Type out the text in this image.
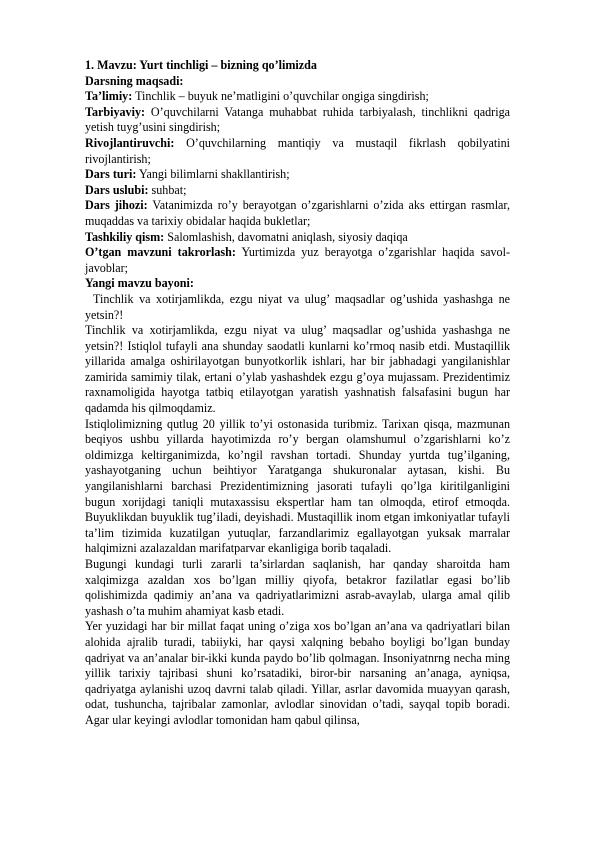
1. Mavzu: Yurt tinchligi – bizning qo’limizda

Darsning maqsadi:

Ta’limiy: Tinchlik – buyuk ne’matligini o’quvchilar ongiga singdirish;

Tarbiyaviy: O’quvchilarni Vatanga muhabbat ruhida tarbiyalash, tinchlikni qadriga yetish tuyg’usini singdirish;

Rivojlantiruvchi: O’quvchilarning mantiqiy va mustaqil fikrlash qobilyatini rivojlantirish;

Dars turi: Yangi bilimlarni shakllantirish;

Dars uslubi: suhbat;

Dars jihozi: Vatanimizda ro’y berayotgan o’zgarishlarni o’zida aks ettirgan rasmlar, muqaddas va tarixiy obidalar haqida bukletlar;

Tashkiliy qism: Salomlashish, davomatni aniqlash, siyosiy daqiqa

O’tgan mavzuni takrorlash: Yurtimizda yuz berayotga o’zgarishlar haqida savol-javoblar;

Yangi mavzu bayoni:

Tinchlik va xotirjamlikda, ezgu niyat va ulug’ maqsadlar og’ushida yashashga ne yetsin?!

Tinchlik va xotirjamlikda, ezgu niyat va ulug’ maqsadlar og’ushida yashashga ne yetsin?! Istiqlol tufayli ana shunday saodatli kunlarni ko’rmoq nasib etdi. Mustaqillik yillarida amalga oshirilayotgan bunyotkorlik ishlari, har bir jabhadagi yangilanishlar zamirida samimiy tilak, ertani o’ylab yashashdek ezgu g’oya mujassam. Prezidentimiz raxnamoligida hayotga tatbiq etilayotgan yaratish yashnatish falsafasini bugun har qadamda his qilmoqdamiz.

Istiqlolimizning qutlug 20 yillik to’yi ostonasida turibmiz. Tarixan qisqa, mazmunan beqiyos ushbu yillarda hayotimizda ro’y bergan olamshumul o’zgarishlarni ko’z oldimizga keltirganimizda, ko’ngil ravshan tortadi. Shunday yurtda tug’ilganing, yashayotganing uchun beihtiyor Yaratganga shukuronalar aytasan, kishi. Bu yangilanishlarni barchasi Prezidentimizning jasorati tufayli qo’lga kiritilganligini bugun xorijdagi taniqli mutaxassisu ekspertlar ham tan olmoqda, etirof etmoqda. Buyuklikdan buyuklik tug’iladi, deyishadi. Mustaqillik inom etgan imkoniyatlar tufayli ta’lim tizimida kuzatilgan yutuqlar, farzandlarimiz egallayotgan yuksak marralar halqimizni azalazaldan marifatparvar ekanligiga borib taqaladi.

Bugungi kundagi turli zararli ta’sirlardan saqlanish, har qanday sharoitda ham xalqimizga azaldan xos bo’lgan milliy qiyofa, betakror fazilatlar egasi bo’lib qolishimizda qadimiy an’ana va qadriyatlarimizni asrab-avaylab, ularga amal qilib yashash o’ta muhim ahamiyat kasb etadi.

Yer yuzidagi har bir millat faqat uning o’ziga xos bo’lgan an’ana va qadriyatlari bilan alohida ajralib turadi, tabiiyki, har qaysi xalqning bebaho boyligi bo’lgan bunday qadriyat va an’analar bir-ikki kunda paydo bo’lib qolmagan. Insoniyatnrng necha ming yillik tarixiy tajribasi shuni ko’rsatadiki, biror-bir narsaning an’anaga, ayniqsa, qadriyatga aylanishi uzoq davrni talab qiladi. Yillar, asrlar davomida muayyan qarash, odat, tushuncha, tajribalar zamonlar, avlodlar sinovidan o’tadi, sayqal topib boradi. Agar ular keyingi avlodlar tomonidan ham qabul qilinsa,
